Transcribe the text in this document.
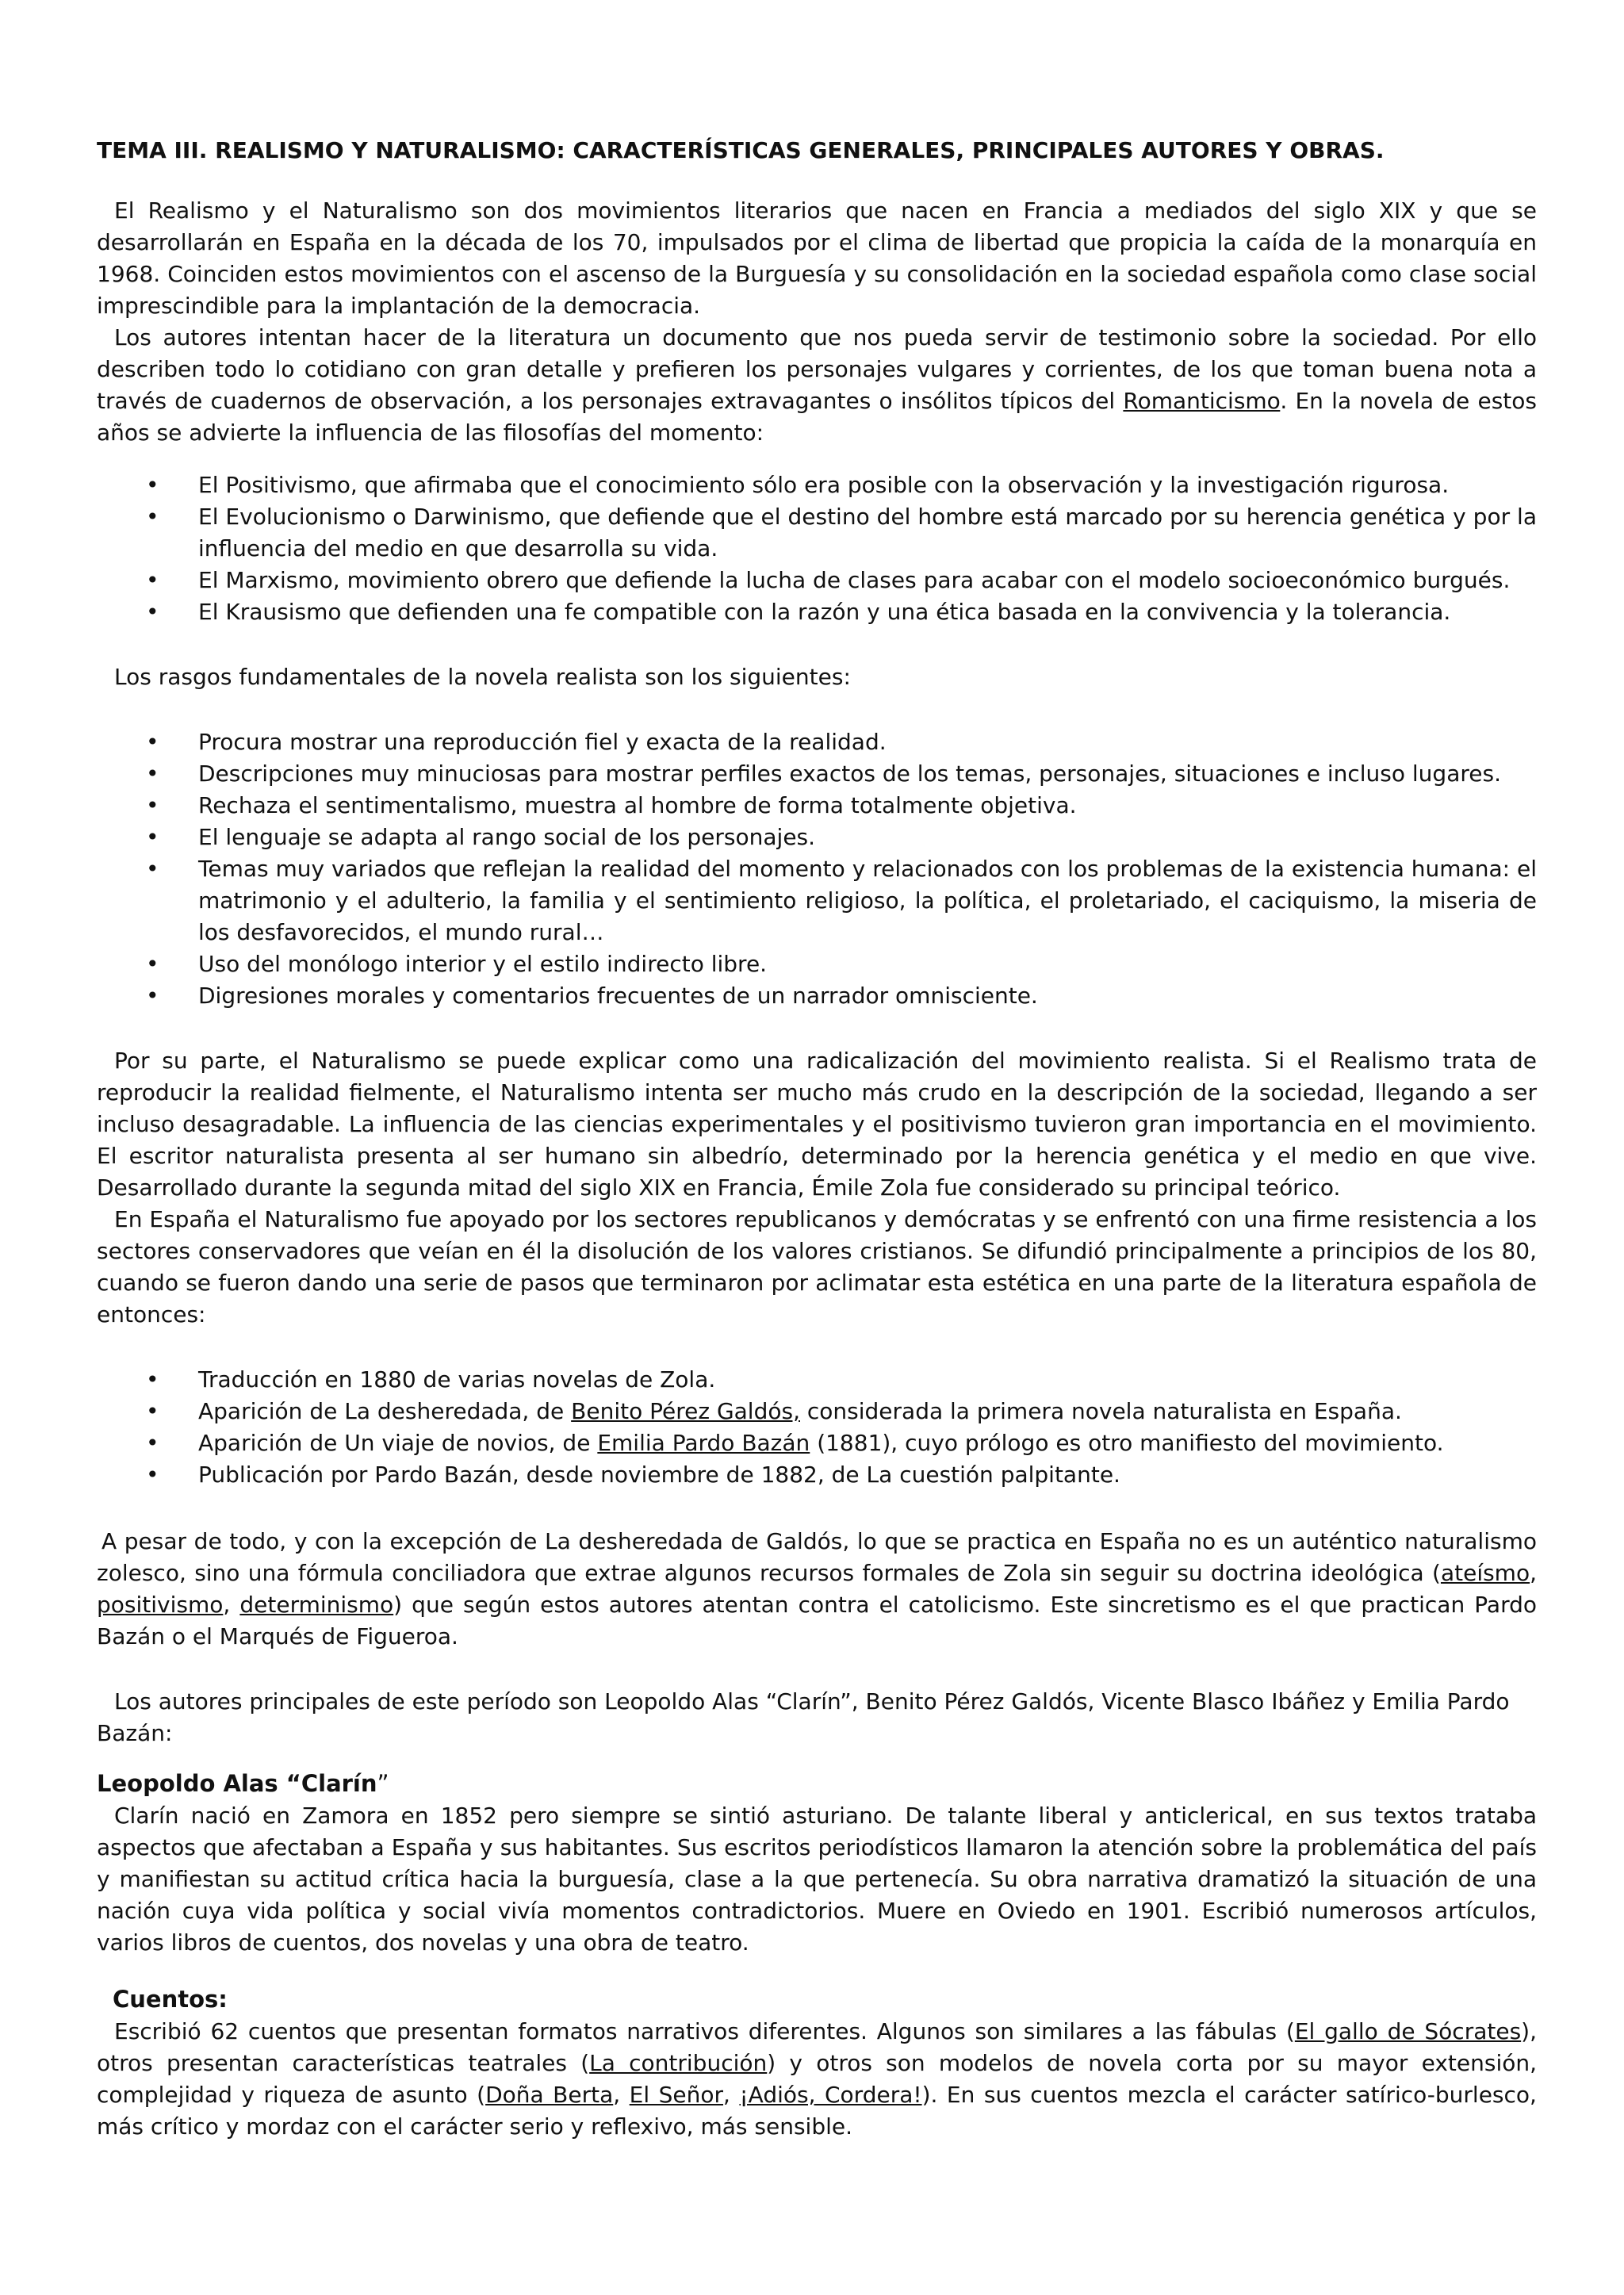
TEMA III. REALISMO Y NATURALISMO: CARACTERÍSTICAS GENERALES, PRINCIPALES AUTORES Y OBRAS.

El Realismo y el Naturalismo son dos movimientos literarios que nacen en Francia a mediados del siglo XIX y que se desarrollarán en España en la década de los 70, impulsados por el clima de libertad que propicia la caída de la monarquía en 1968. Coinciden estos movimientos con el ascenso de la Burguesía y su consolidación en la sociedad española como clase social imprescindible para la implantación de la democracia.

Los autores intentan hacer de la literatura un documento que nos pueda servir de testimonio sobre la sociedad. Por ello describen todo lo cotidiano con gran detalle y prefieren los personajes vulgares y corrientes, de los que toman buena nota a través de cuadernos de observación, a los personajes extravagantes o insólitos típicos del Romanticismo. En la novela de estos años se advierte la influencia de las filosofías del momento:

• El Positivismo, que afirmaba que el conocimiento sólo era posible con la observación y la investigación rigurosa.
• El Evolucionismo o Darwinismo, que defiende que el destino del hombre está marcado por su herencia genética y por la influencia del medio en que desarrolla su vida.
• El Marxismo, movimiento obrero que defiende la lucha de clases para acabar con el modelo socioeconómico burgués.
• El Krausismo que defienden una fe compatible con la razón y una ética basada en la convivencia y la tolerancia.

Los rasgos fundamentales de la novela realista son los siguientes:

• Procura mostrar una reproducción fiel y exacta de la realidad.
• Descripciones muy minuciosas para mostrar perfiles exactos de los temas, personajes, situaciones e incluso lugares.
• Rechaza el sentimentalismo, muestra al hombre de forma totalmente objetiva.
• El lenguaje se adapta al rango social de los personajes.
• Temas muy variados que reflejan la realidad del momento y relacionados con los problemas de la existencia humana: el matrimonio y el adulterio, la familia y el sentimiento religioso, la política, el proletariado, el caciquismo, la miseria de los desfavorecidos, el mundo rural…
• Uso del monólogo interior y el estilo indirecto libre.
• Digresiones morales y comentarios frecuentes de un narrador omnisciente.

Por su parte, el Naturalismo se puede explicar como una radicalización del movimiento realista. Si el Realismo trata de reproducir la realidad fielmente, el Naturalismo intenta ser mucho más crudo en la descripción de la sociedad, llegando a ser incluso desagradable. La influencia de las ciencias experimentales y el positivismo tuvieron gran importancia en el movimiento. El escritor naturalista presenta al ser humano sin albedrío, determinado por la herencia genética y el medio en que vive. Desarrollado durante la segunda mitad del siglo XIX en Francia, Émile Zola fue considerado su principal teórico.

En España el Naturalismo fue apoyado por los sectores republicanos y demócratas y se enfrentó con una firme resistencia a los sectores conservadores que veían en él la disolución de los valores cristianos. Se difundió principalmente a principios de los 80, cuando se fueron dando una serie de pasos que terminaron por aclimatar esta estética en una parte de la literatura española de entonces:

• Traducción en 1880 de varias novelas de Zola.
• Aparición de La desheredada, de Benito Pérez Galdós, considerada la primera novela naturalista en España.
• Aparición de Un viaje de novios, de Emilia Pardo Bazán (1881), cuyo prólogo es otro manifiesto del movimiento.
• Publicación por Pardo Bazán, desde noviembre de 1882, de La cuestión palpitante.

A pesar de todo, y con la excepción de La desheredada de Galdós, lo que se practica en España no es un auténtico naturalismo zolesco, sino una fórmula conciliadora que extrae algunos recursos formales de Zola sin seguir su doctrina ideológica (ateísmo, positivismo, determinismo) que según estos autores atentan contra el catolicismo. Este sincretismo es el que practican Pardo Bazán o el Marqués de Figueroa.

Los autores principales de este período son Leopoldo Alas “Clarín”, Benito Pérez Galdós, Vicente Blasco Ibáñez y Emilia Pardo Bazán:

Leopoldo Alas “Clarín”

Clarín nació en Zamora en 1852 pero siempre se sintió asturiano. De talante liberal y anticlerical, en sus textos trataba aspectos que afectaban a España y sus habitantes. Sus escritos periodísticos llamaron la atención sobre la problemática del país y manifiestan su actitud crítica hacia la burguesía, clase a la que pertenecía. Su obra narrativa dramatizó la situación de una nación cuya vida política y social vivía momentos contradictorios. Muere en Oviedo en 1901. Escribió numerosos artículos, varios libros de cuentos, dos novelas y una obra de teatro.

Cuentos:

Escribió 62 cuentos que presentan formatos narrativos diferentes. Algunos son similares a las fábulas (El gallo de Sócrates), otros presentan características teatrales (La contribución) y otros son modelos de novela corta por su mayor extensión, complejidad y riqueza de asunto (Doña Berta, El Señor, ¡Adiós, Cordera!). En sus cuentos mezcla el carácter satírico-burlesco, más crítico y mordaz con el carácter serio y reflexivo, más sensible.
